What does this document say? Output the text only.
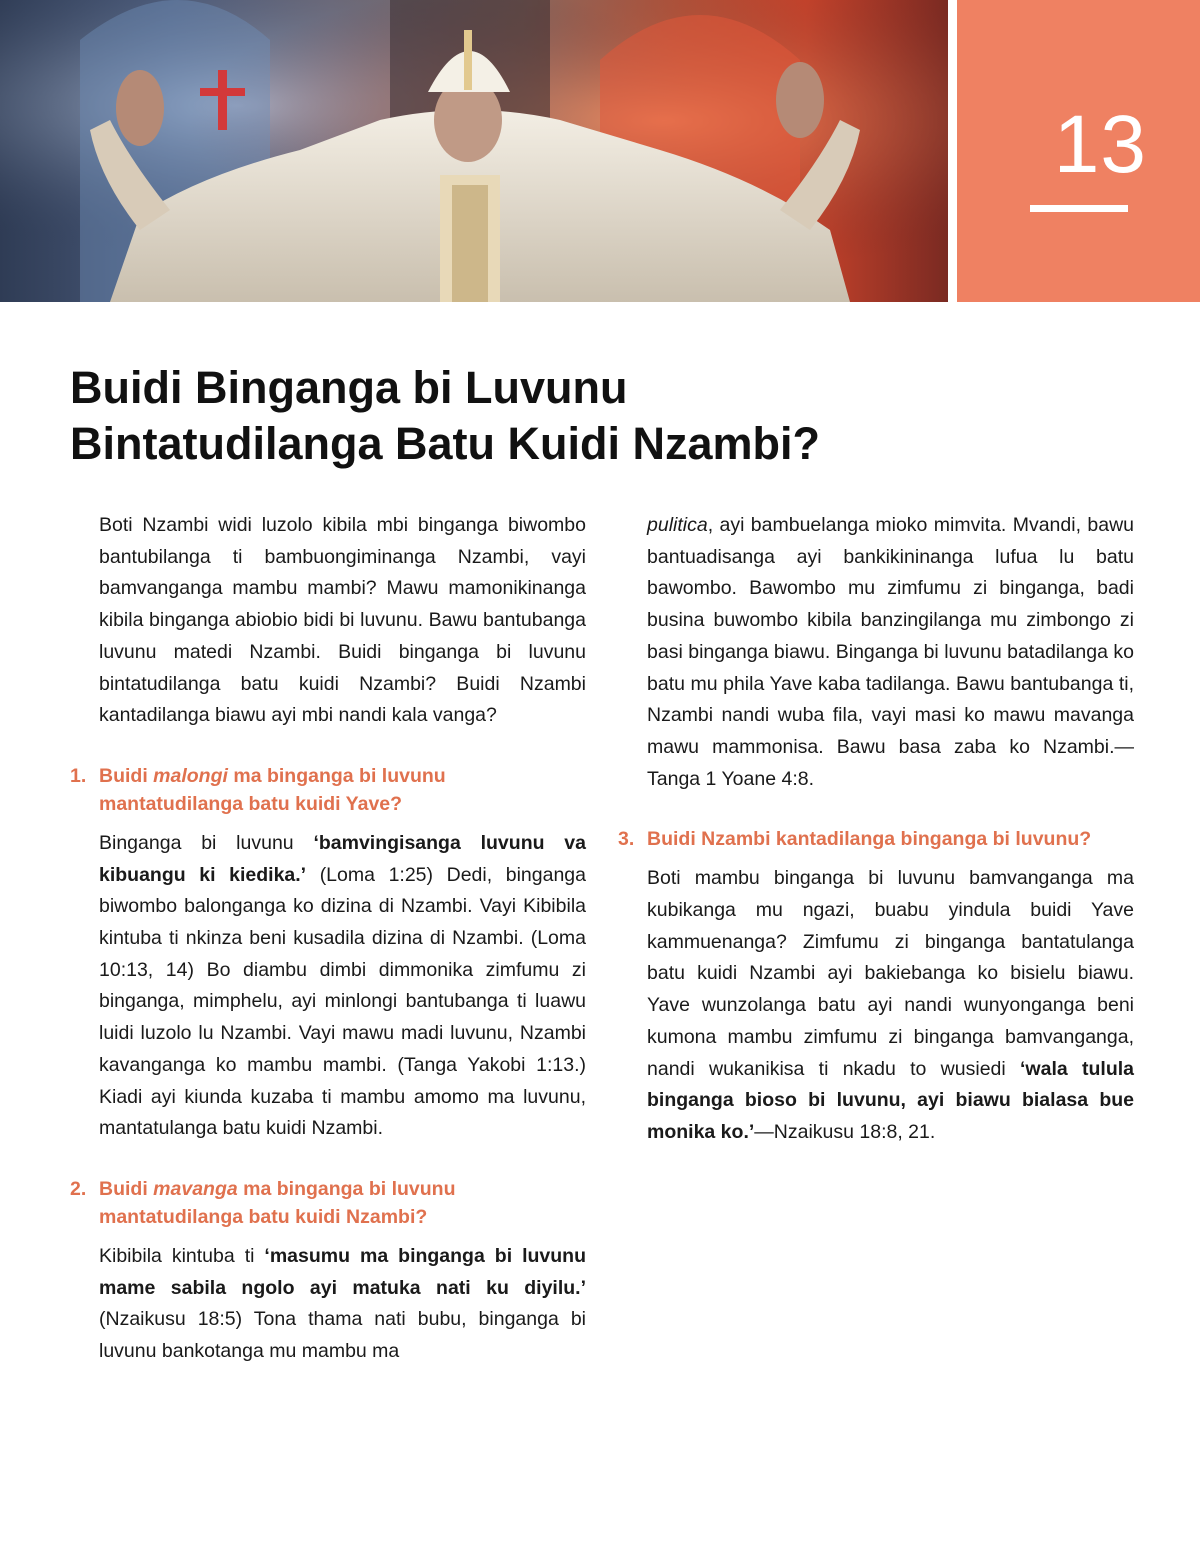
13
Buidi Binganga bi Luvunu
Bintatudilanga Batu Kuidi Nzambi?

Boti Nzambi widi luzolo kibila mbi binganga biwombo bantubilanga ti bambuongiminanga Nzambi, vayi bamvanganga mambu mambi? Mawu mamonikinanga kibila binganga abiobio bidi bi luvunu. Bawu bantubanga luvunu matedi Nzambi. Buidi binganga bi luvunu bintatudilanga batu kuidi Nzambi? Buidi Nzambi kantadilanga biawu ayi mbi nandi kala vanga?

1. Buidi malongi ma binganga bi luvunu mantatudilanga batu kuidi Yave?

Binganga bi luvunu ‘bamvingisanga luvunu va kibuangu ki kiedika.’ (Loma 1:25) Dedi, binganga biwombo balonganga ko dizina di Nzambi. Vayi Kibibila kintuba ti nkinza beni kusadila dizina di Nzambi. (Loma 10:13, 14) Bo diambu dimbi dimmonika zimfumu zi binganga, mimphelu, ayi minlongi bantubanga ti luawu luidi luzolo lu Nzambi. Vayi mawu madi luvunu, Nzambi kavanganga ko mambu mambi. (Tanga Yakobi 1:13.) Kiadi ayi kiunda kuzaba ti mambu amomo ma luvunu, mantatulanga batu kuidi Nzambi.

2. Buidi mavanga ma binganga bi luvunu mantatudilanga batu kuidi Nzambi?

Kibibila kintuba ti ‘masumu ma binganga bi luvunu mame sabila ngolo ayi matuka nati ku diyilu.’ (Nzaikusu 18:5) Tona thama nati bubu, binganga bi luvunu bankotanga mu mambu ma

pulitica, ayi bambuelanga mioko mimvita. Mvandi, bawu bantuadisanga ayi bankikininanga lufua lu batu bawombo. Bawombo mu zimfumu zi binganga, badi busina buwombo kibila banzingilanga mu zimbongo zi basi binganga biawu. Binganga bi luvunu batadilanga ko batu mu phila Yave kaba tadilanga. Bawu bantubanga ti, Nzambi nandi wuba fila, vayi masi ko mawu mavanga mawu mammonisa. Bawu basa zaba ko Nzambi.—Tanga 1 Yoane 4:8.

3. Buidi Nzambi kantadilanga binganga bi luvunu?

Boti mambu binganga bi luvunu bamvanganga ma kubikanga mu ngazi, buabu yindula buidi Yave kammuenanga? Zimfumu zi binganga bantatulanga batu kuidi Nzambi ayi bakiebanga ko bisielu biawu. Yave wunzolanga batu ayi nandi wunyonganga beni kumona mambu zimfumu zi binganga bamvanganga, nandi wukanikisa ti nkadu to wusiedi ‘wala tulula binganga bioso bi luvunu, ayi biawu bialasa bue monika ko.’—Nzaikusu 18:8, 21.
